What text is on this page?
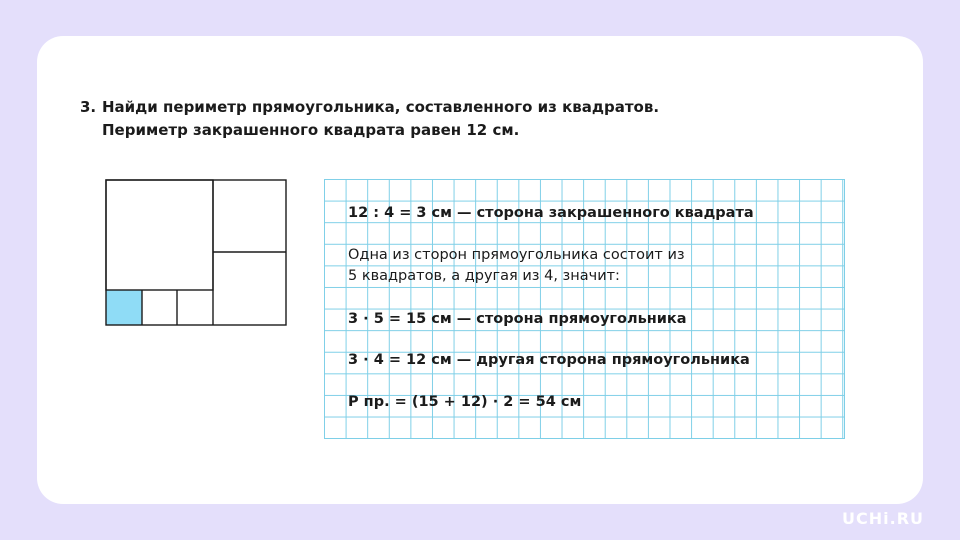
3. Найди периметр прямоугольника, составленного из квадратов.
Периметр закрашенного квадрата равен 12 см.

12 : 4 = 3 см — сторона закрашенного квадрата

Одна из сторон прямоугольника состоит из

5 квадратов, а другая из 4, значит:

3 · 5 = 15 см — сторона прямоугольника

3 · 4 = 12 см — другая сторона прямоугольника

P пр. = (15 + 12) · 2 = 54 см

UCHi.RU
